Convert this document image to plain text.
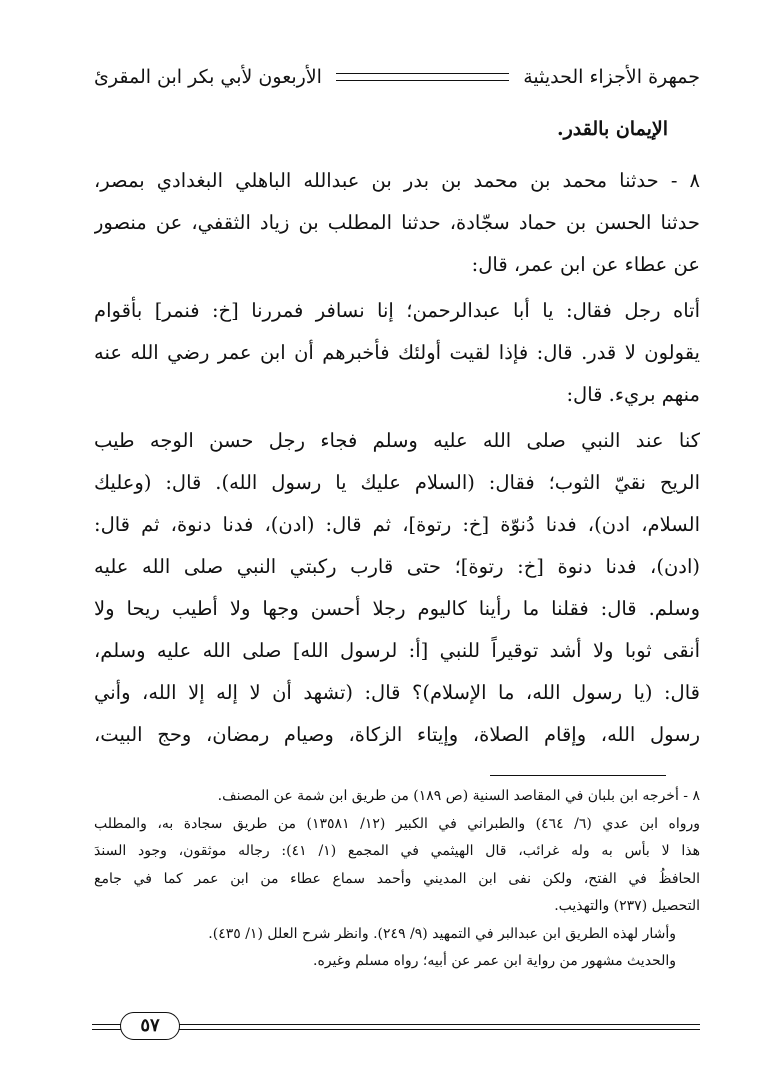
جمهرة الأجزاء الحديثية
الأربعون لأبي بكر ابن المقرئ
الإيمان بالقدر.
٨ - حدثنا محمد بن محمد بن بدر بن عبدالله الباهلي البغدادي بمصر،
حدثنا الحسن بن حماد سجّادة، حدثنا المطلب بن زياد الثقفي، عن منصور
عن عطاء عن ابن عمر، قال:
أتاه رجل فقال: يا أبا عبدالرحمن؛ إنا نسافر فمررنا [خ: فنمر] بأقوام
يقولون لا قدر. قال: فإذا لقيت أولئك فأخبرهم أن ابن عمر رضي الله عنه
منهم بريء. قال:
كنا عند النبي صلى الله عليه وسلم فجاء رجل حسن الوجه طيب
الريح نقيّ الثوب؛ فقال: (السلام عليك يا رسول الله). قال: (وعليك
السلام، ادن)، فدنا دُنوّة [خ: رتوة]، ثم قال: (ادن)، فدنا دنوة، ثم قال:
(ادن)، فدنا دنوة [خ: رتوة]؛ حتى قارب ركبتي النبي صلى الله عليه
وسلم. قال: فقلنا ما رأينا كاليوم رجلا أحسن وجها ولا أطيب ريحا ولا
أنقى ثوبا ولا أشد توقيراً للنبي [أ: لرسول الله] صلى الله عليه وسلم،
قال: (يا رسول الله، ما الإسلام)؟ قال: (تشهد أن لا إله إلا الله، وأني
رسول الله، وإقام الصلاة، وإيتاء الزكاة، وصيام رمضان، وحج البيت،
٨ - أخرجه ابن بلبان في المقاصد السنية (ص ١٨٩) من طريق ابن شمة عن المصنف.
ورواه ابن عدي (٦/ ٤٦٤) والطبراني في الكبير (١٢/ ١٣٥٨١) من طريق سجادة به، والمطلب
هذا لا بأس به وله غرائب، قال الهيثمي في المجمع (١/ ٤١): رجاله موثقون، وجود السندَ
الحافظُ في الفتح، ولكن نفى ابن المديني وأحمد سماع عطاء من ابن عمر كما في جامع
التحصيل (٢٣٧) والتهذيب.
وأشار لهذه الطريق ابن عبدالبر في التمهيد (٩/ ٢٤٩). وانظر شرح العلل (١/ ٤٣٥).
والحديث مشهور من رواية ابن عمر عن أبيه؛ رواه مسلم وغيره.
٥٧
